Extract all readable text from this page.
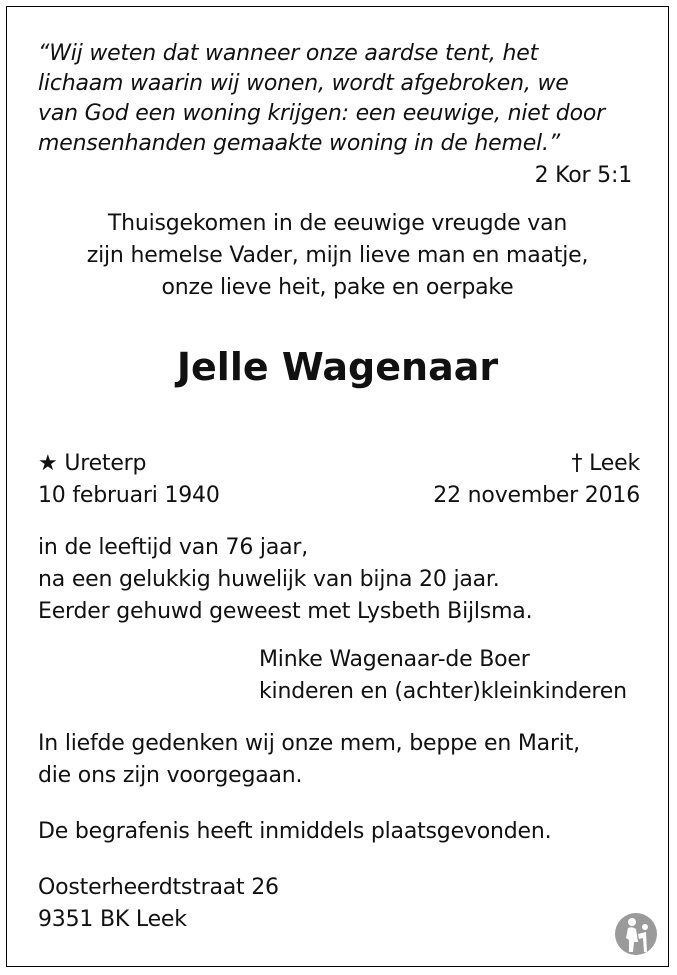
“Wij weten dat wanneer onze aardse tent, het
lichaam waarin wij wonen, wordt afgebroken, we
van God een woning krijgen: een eeuwige, niet door
mensenhanden gemaakte woning in de hemel.”
2 Kor 5:1
Thuisgekomen in de eeuwige vreugde van
zijn hemelse Vader, mijn lieve man en maatje,
onze lieve heit, pake en oerpake
Jelle Wagenaar
★ Ureterp
10 februari 1940
† Leek
22 november 2016
in de leeftijd van 76 jaar,
na een gelukkig huwelijk van bijna 20 jaar.
Eerder gehuwd geweest met Lysbeth Bijlsma.
Minke Wagenaar-de Boer
kinderen en (achter)kleinkinderen
In liefde gedenken wij onze mem, beppe en Marit,
die ons zijn voorgegaan.
De begrafenis heeft inmiddels plaatsgevonden.
Oosterheerdtstraat 26
9351 BK Leek
